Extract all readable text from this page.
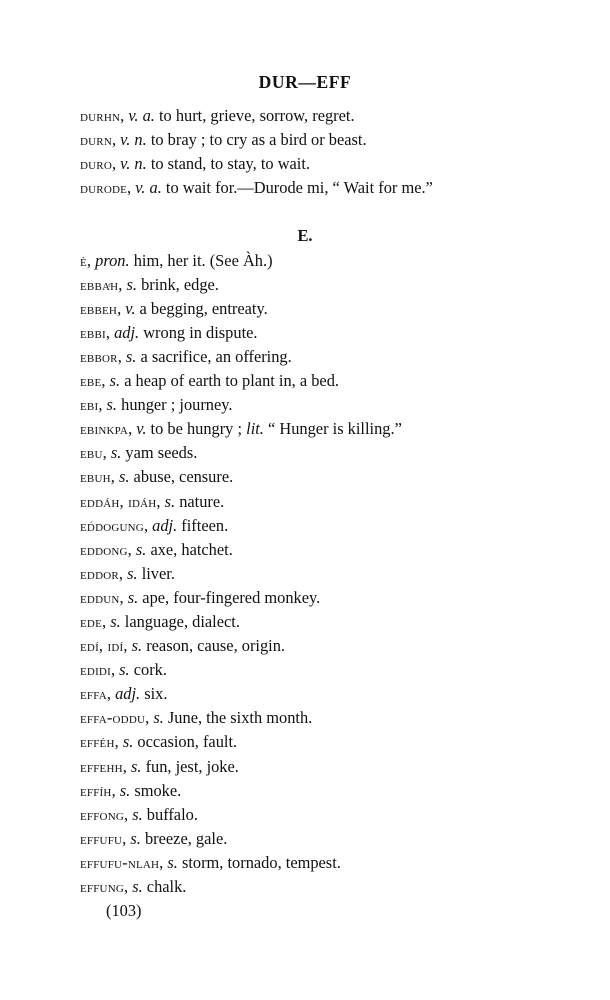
DUR—EFF
durhn, v. a. to hurt, grieve, sorrow, regret.
durn, v. n. to bray ; to cry as a bird or beast.
duro, v. n. to stand, to stay, to wait.
durode, v. a. to wait for.—Durode mi, “ Wait for me.”
E.
è, pron. him, her it. (See Àh.)
ebbaͨh, s. brink, edge.
ebbeh, v. a begging, entreaty.
ebbi, adj. wrong in dispute.
ebbor, s. a sacrifice, an offering.
ebe, s. a heap of earth to plant in, a bed.
ebi, s. hunger ; journey.
ebinkpa, v. to be hungry ; lit. “ Hunger is killing.”
ebu, s. yam seeds.
ebuh, s. abuse, censure.
eddáh, idáh, s. nature.
ed́dogung, adj. fifteen.
eddong, s. axe, hatchet.
eddor, s. liver.
eddun, s. ape, four-fingered monkey.
ede, s. language, dialect.
edí, idí, s. reason, cause, origin.
edidi, s. cork.
effa, adj. six.
effa-oddu, s. June, the sixth month.
efféh, s. occasion, fault.
effehh, s. fun, jest, joke.
effíh, s. smoke.
effong, s. buffalo.
effufu, s. breeze, gale.
effufu-nlah, s. storm, tornado, tempest.
effung, s. chalk.
(103)
